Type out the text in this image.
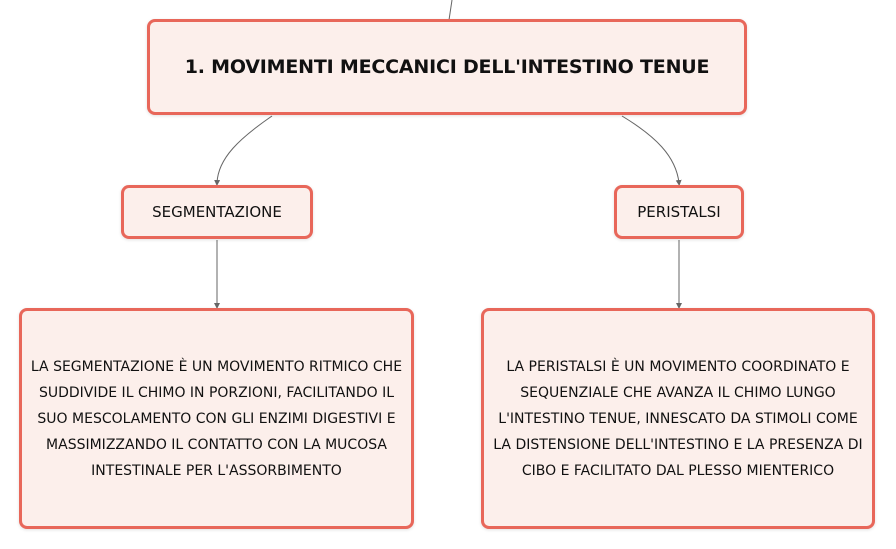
1. MOVIMENTI MECCANICI DELL'INTESTINO TENUE
SEGMENTAZIONE	PERISTALSI
LA SEGMENTAZIONE È UN MOVIMENTO RITMICO CHE SUDDIVIDE IL CHIMO IN PORZIONI, FACILITANDO IL SUO MESCOLAMENTO CON GLI ENZIMI DIGESTIVI E MASSIMIZZANDO IL CONTATTO CON LA MUCOSA INTESTINALE PER L'ASSORBIMENTO
LA PERISTALSI È UN MOVIMENTO COORDINATO E SEQUENZIALE CHE AVANZA IL CHIMO LUNGO L'INTESTINO TENUE, INNESCATO DA STIMOLI COME LA DISTENSIONE DELL'INTESTINO E LA PRESENZA DI CIBO E FACILITATO DAL PLESSO MIENTERICO
